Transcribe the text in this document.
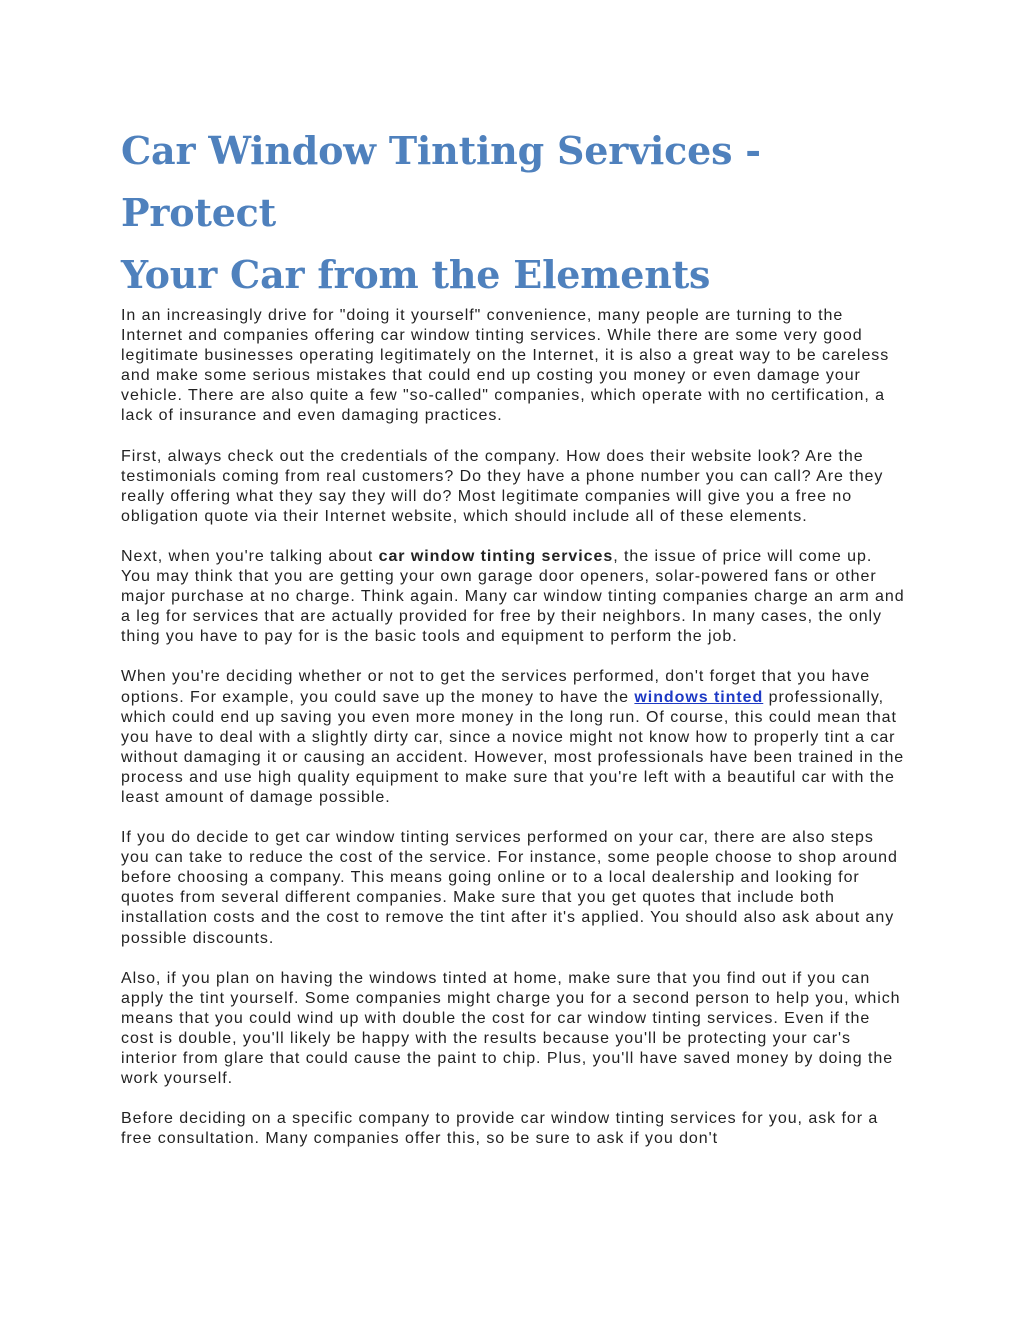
Car Window Tinting Services - Protect
Your Car from the Elements

In an increasingly drive for "doing it yourself" convenience, many people are turning to the Internet and companies offering car window tinting services. While there are some very good legitimate businesses operating legitimately on the Internet, it is also a great way to be careless and make some serious mistakes that could end up costing you money or even damage your vehicle. There are also quite a few "so-called" companies, which operate with no certification, a lack of insurance and even damaging practices.

First, always check out the credentials of the company. How does their website look? Are the testimonials coming from real customers? Do they have a phone number you can call? Are they really offering what they say they will do? Most legitimate companies will give you a free no obligation quote via their Internet website, which should include all of these elements.

Next, when you're talking about car window tinting services, the issue of price will come up. You may think that you are getting your own garage door openers, solar-powered fans or other major purchase at no charge. Think again. Many car window tinting companies charge an arm and a leg for services that are actually provided for free by their neighbors. In many cases, the only thing you have to pay for is the basic tools and equipment to perform the job.

When you're deciding whether or not to get the services performed, don't forget that you have options. For example, you could save up the money to have the windows tinted professionally, which could end up saving you even more money in the long run. Of course, this could mean that you have to deal with a slightly dirty car, since a novice might not know how to properly tint a car without damaging it or causing an accident. However, most professionals have been trained in the process and use high quality equipment to make sure that you're left with a beautiful car with the least amount of damage possible.

If you do decide to get car window tinting services performed on your car, there are also steps you can take to reduce the cost of the service. For instance, some people choose to shop around before choosing a company. This means going online or to a local dealership and looking for quotes from several different companies. Make sure that you get quotes that include both installation costs and the cost to remove the tint after it's applied. You should also ask about any possible discounts.

Also, if you plan on having the windows tinted at home, make sure that you find out if you can apply the tint yourself. Some companies might charge you for a second person to help you, which means that you could wind up with double the cost for car window tinting services. Even if the cost is double, you'll likely be happy with the results because you'll be protecting your car's interior from glare that could cause the paint to chip. Plus, you'll have saved money by doing the work yourself.

Before deciding on a specific company to provide car window tinting services for you, ask for a free consultation. Many companies offer this, so be sure to ask if you don't
